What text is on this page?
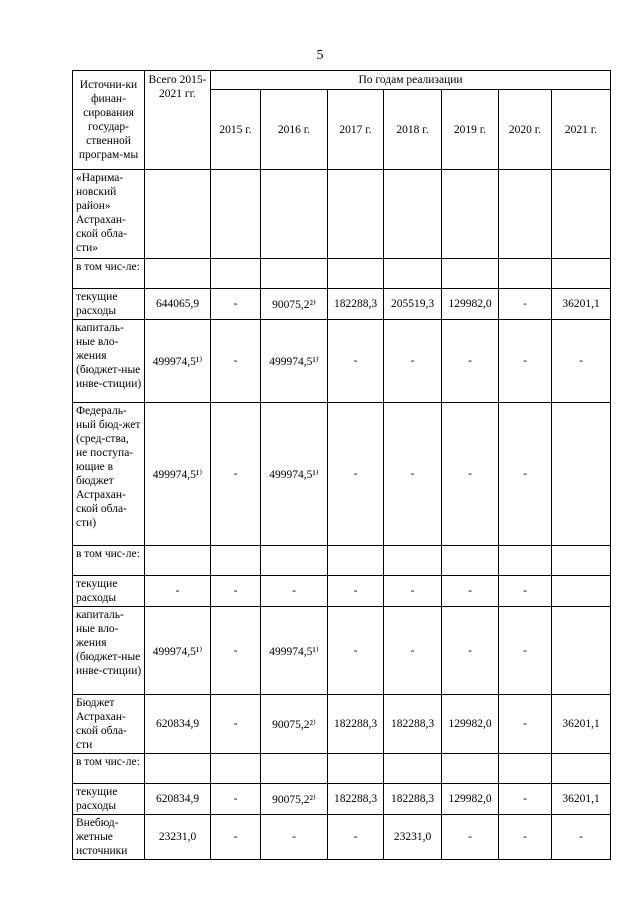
5
Источни-ки финан-сирования государ-ственной програм-мы	Всего 2015-2021 гг.	По годам реализации						
		2015 г.	2016 г.	2017 г.	2018 г.	2019 г.	2020 г.	2021 г.
«Нарима-новский район» Астрахан-ской обла-сти»								
в том чис-ле:								
текущие расходы	644065,9	-	90075,2²⁾	182288,3	205519,3	129982,0	-	36201,1
капиталь-ные вло-жения (бюджет-ные инве-стиции)	499974,5¹⁾	-	499974,5¹⁾	-	-	-	-	-
Федераль-ный бюд-жет (сред-ства, не поступа-ющие в бюджет Астрахан-ской обла-сти)	499974,5¹⁾	-	499974,5¹⁾	-	-	-	-	
в том чис-ле:								
текущие расходы	-	-	-	-	-	-	-	
капиталь-ные вло-жения (бюджет-ные инве-стиции)	499974,5¹⁾	-	499974,5¹⁾	-	-	-	-	
Бюджет Астрахан-ской обла-сти	620834,9	-	90075,2²⁾	182288,3	182288,3	129982,0	-	36201,1
в том чис-ле:								
текущие расходы	620834,9	-	90075,2²⁾	182288,3	182288,3	129982,0	-	36201,1
Внебюд-жетные источники	23231,0	-	-	-	23231,0	-	-	-
